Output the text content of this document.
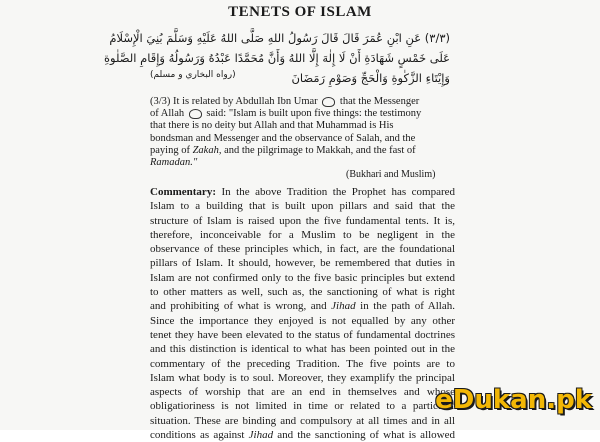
TENETS OF ISLAM
(٣/٣) عَنِ ابْنِ عُمَرَ قَالَ قَالَ رَسُولُ اللهِ صَلَّى اللهُ عَلَيْهِ وَسَلَّمَ بُنِيَ الْإِسْلَامُ
عَلَى خَمْسٍ شَهَادَةِ أَنْ لَا إِلٰهَ إِلَّا اللهُ وَأَنَّ مُحَمَّدًا عَبْدُهُ وَرَسُولُهُ وَإِقَامِ الصَّلٰوةِ
وَإِيْتَاءِ الزَّكٰوةِ وَالْحَجِّ وَصَوْمِ رَمَضَانَ
(رواه البخاري و مسلم)
(3/3) It is related by Abdullah Ibn Umar that the Messenger
of Allah said: "Islam is built upon five things: the testimony
that there is no deity but Allah and that Muhammad is His
bondsman and Messenger and the observance of Salah, and the
paying of Zakah, and the pilgrimage to Makkah, and the fast of
Ramadan."
(Bukhari and Muslim)
Commentary: In the above Tradition the Prophet has compared
Islam to a building that is built upon pillars and said that the
structure of Islam is raised upon the five fundamental tents. It is,
therefore, inconceivable for a Muslim to be negligent in the
observance of these principles which, in fact, are the foundational
pillars of Islam. It should, however, be remembered that duties in
Islam are not confirmed only to the five basic principles but extend
to other matters as well, such as, the sanctioning of what is right
and prohibiting of what is wrong, and Jihad in the path of Allah.
Since the importance they enjoyed is not equalled by any other
tenet they have been elevated to the status of fundamental doctrines
and this distinction is identical to what has been pointed out in the
commentary of the preceding Tradition. The five points are to
Islam what body is to soul. Moreover, they examplify the principal
aspects of worship that are an end in themselves and whose
obligatioriness is not limited in time or related to a particular
situation. These are binding and compulsory at all times and in all
conditions as against Jihad and the sanctioning of what is allowed
eDukan.pk
